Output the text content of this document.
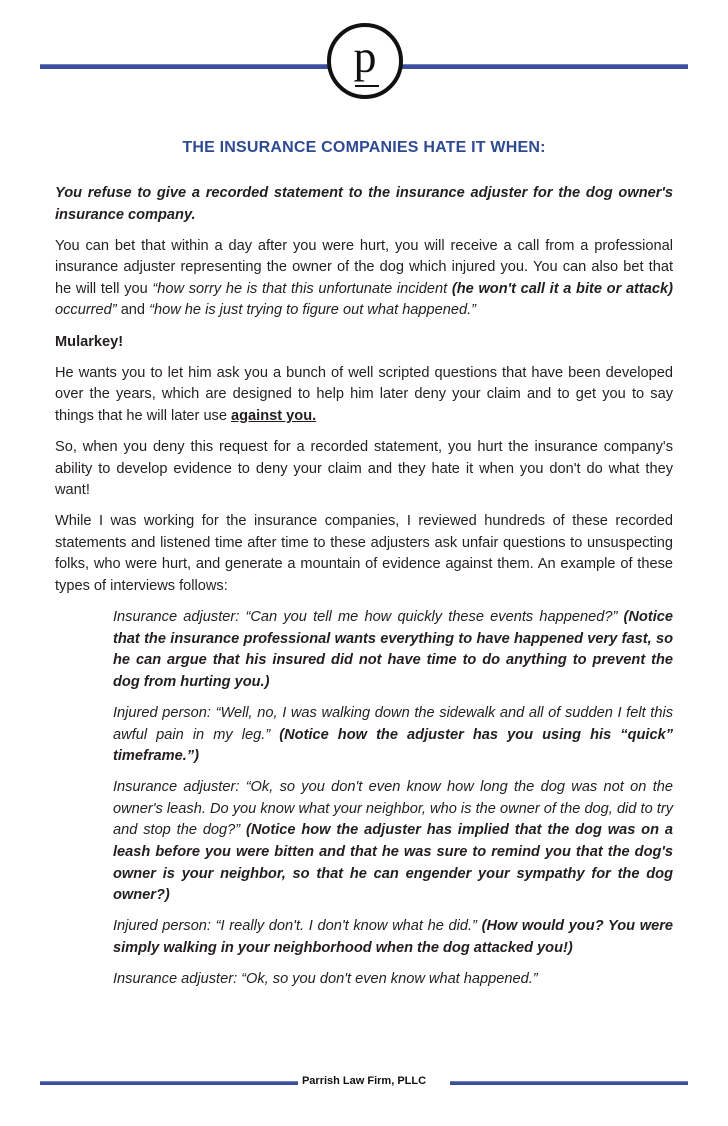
p
THE INSURANCE COMPANIES HATE IT WHEN:

You refuse to give a recorded statement to the insurance adjuster for the dog owner's insurance company.

You can bet that within a day after you were hurt, you will receive a call from a professional insurance adjuster representing the owner of the dog which injured you. You can also bet that he will tell you “how sorry he is that this unfortunate incident (he won't call it a bite or attack) occurred” and “how he is just trying to figure out what happened.”

Mularkey!

He wants you to let him ask you a bunch of well scripted questions that have been developed over the years, which are designed to help him later deny your claim and to get you to say things that he will later use against you.

So, when you deny this request for a recorded statement, you hurt the insurance company's ability to develop evidence to deny your claim and they hate it when you don't do what they want!

While I was working for the insurance companies, I reviewed hundreds of these recorded statements and listened time after time to these adjusters ask unfair questions to unsuspecting folks, who were hurt, and generate a mountain of evidence against them. An example of these types of interviews follows:

Insurance adjuster: “Can you tell me how quickly these events happened?” (Notice that the insurance professional wants everything to have happened very fast, so he can argue that his insured did not have time to do anything to prevent the dog from hurting you.)

Injured person: “Well, no, I was walking down the sidewalk and all of sudden I felt this awful pain in my leg.” (Notice how the adjuster has you using his “quick” timeframe.”)

Insurance adjuster: “Ok, so you don't even know how long the dog was not on the owner's leash. Do you know what your neighbor, who is the owner of the dog, did to try and stop the dog?” (Notice how the adjuster has implied that the dog was on a leash before you were bitten and that he was sure to remind you that the dog's owner is your neighbor, so that he can engender your sympathy for the dog owner?)

Injured person: “I really don't. I don't know what he did.” (How would you? You were simply walking in your neighborhood when the dog attacked you!)

Insurance adjuster: “Ok, so you don't even know what happened.”

Parrish Law Firm, PLLC
